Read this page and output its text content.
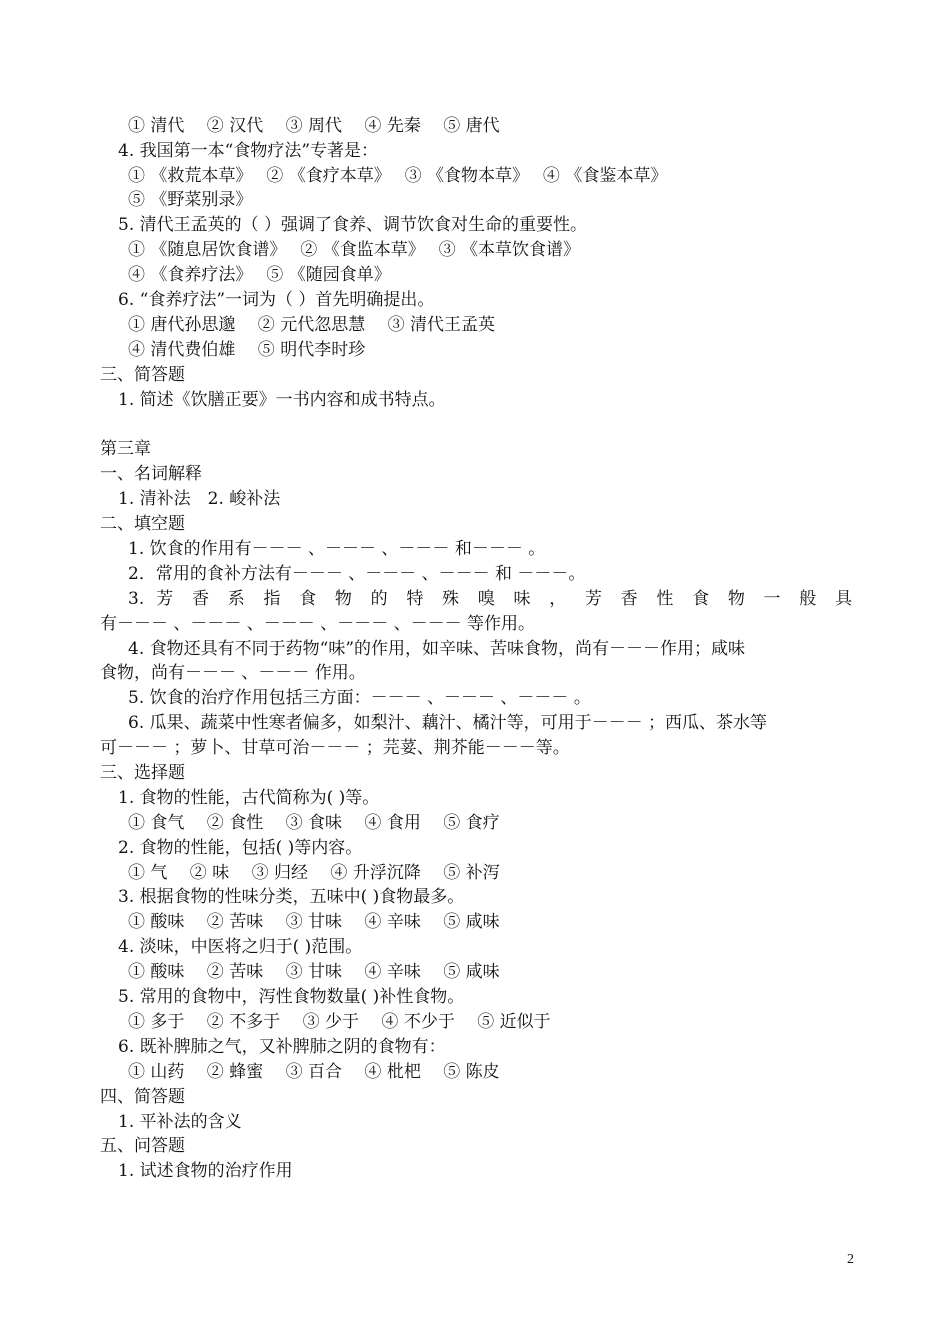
① 清代　 ② 汉代　 ③ 周代　 ④ 先秦　 ⑤ 唐代
4. 我国第一本“食物疗法”专著是：
① 《救荒本草》　 ② 《食疗本草》　 ③ 《食物本草》　 ④ 《食鉴本草》
⑤ 《野菜别录》
5. 清代王孟英的（ ）强调了食养、调节饮食对生命的重要性。
① 《随息居饮食谱》　 ② 《食监本草》　 ③ 《本草饮食谱》
④ 《食养疗法》　 ⑤ 《随园食单》
6. “食养疗法”一词为（ ）首先明确提出。
① 唐代孙思邈　 ② 元代忽思慧　 ③ 清代王孟英
④ 清代费伯雄　 ⑤ 明代李时珍
三、简答题
1. 简述《饮膳正要》一书内容和成书特点。
第三章
一、名词解释
1. 清补法　2. 峻补法
二、填空题
1. 饮食的作用有－－－ 、－－－ 、－－－ 和－－－ 。
2．常用的食补方法有－－－ 、－－－ 、－－－ 和 －－－。
3. 芳 香 系 指 食 物 的 特 殊 嗅 味 ， 芳 香 性 食 物 一 般 具
有－－－ 、－－－ 、－－－ 、－－－ 、－－－ 等作用。
4. 食物还具有不同于药物“味”的作用，如辛味、苦味食物，尚有－－－作用；咸味
食物，尚有－－－ 、－－－ 作用。
5. 饮食的治疗作用包括三方面：－－－ 、－－－ 、－－－ 。
6. 瓜果、蔬菜中性寒者偏多，如梨汁、藕汁、橘汁等，可用于－－－ ；西瓜、茶水等
可－－－ ；萝卜、甘草可治－－－ ；芫荽、荆芥能－－－等。
三、选择题
1. 食物的性能，古代简称为( )等。
① 食气　 ② 食性　 ③ 食味　 ④ 食用　 ⑤ 食疗
2. 食物的性能，包括( )等内容。
① 气　 ② 味　 ③ 归经　 ④ 升浮沉降　 ⑤ 补泻
3. 根据食物的性味分类，五味中( )食物最多。
① 酸味　 ② 苦味　 ③ 甘味　 ④ 辛味　 ⑤ 咸味
4. 淡味，中医将之归于( )范围。
① 酸味　 ② 苦味　 ③ 甘味　 ④ 辛味　 ⑤ 咸味
5. 常用的食物中，泻性食物数量( )补性食物。
① 多于　 ② 不多于　 ③ 少于　 ④ 不少于　 ⑤ 近似于
6. 既补脾肺之气，又补脾肺之阴的食物有：
① 山药　 ② 蜂蜜　 ③ 百合　 ④ 枇杷　 ⑤ 陈皮
四、简答题
1. 平补法的含义
五、问答题
1. 试述食物的治疗作用
2
